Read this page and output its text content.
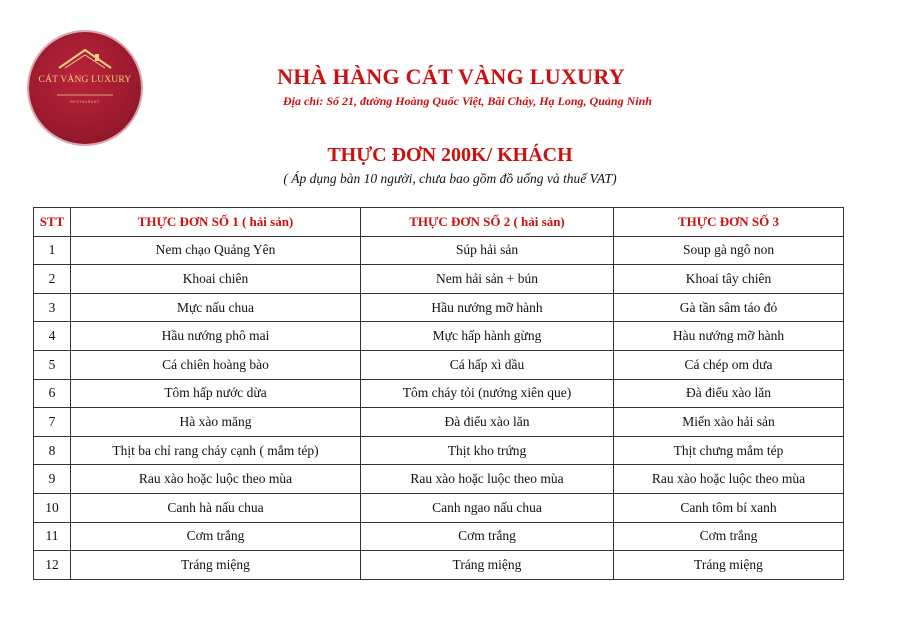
CÁT VÀNG LUXURY
RESTAURANT
NHÀ HÀNG CÁT VÀNG LUXURY
Địa chỉ: Số 21, đường Hoàng Quốc Việt, Bãi Cháy, Hạ Long, Quảng Ninh
THỰC ĐƠN 200K/ KHÁCH
( Áp dụng bàn 10 người, chưa bao gồm đồ uống và thuế VAT)
STT	THỰC ĐƠN SỐ 1 ( hải sản)	THỰC ĐƠN SỐ 2 ( hải sản)	THỰC ĐƠN SỐ 3
1	Nem chạo Quảng Yên	Súp hải sản	Soup gà ngô non
2	Khoai chiên	Nem hải sản + bún	Khoai tây chiên
3	Mực nấu chua	Hầu nướng mỡ hành	Gà tần sâm táo đỏ
4	Hầu nướng phô mai	Mực hấp hành gừng	Hàu nướng mỡ hành
5	Cá chiên hoàng bào	Cá hấp xì dầu	Cá chép om dưa
6	Tôm hấp nước dừa	Tôm cháy tỏi (nướng xiên que)	Đà điểu xào lăn
7	Hà xào măng	Đà điểu xào lăn	Miến xào hải sản
8	Thịt ba chỉ rang cháy cạnh ( mắm tép)	Thịt kho trứng	Thịt chưng mắm tép
9	Rau xào hoặc luộc theo mùa	Rau xào hoặc luộc theo mùa	Rau xào hoặc luộc theo mùa
10	Canh hà nấu chua	Canh ngao nấu chua	Canh tôm bí xanh
11	Cơm trắng	Cơm trắng	Cơm trắng
12	Tráng miệng	Tráng miệng	Tráng miệng
